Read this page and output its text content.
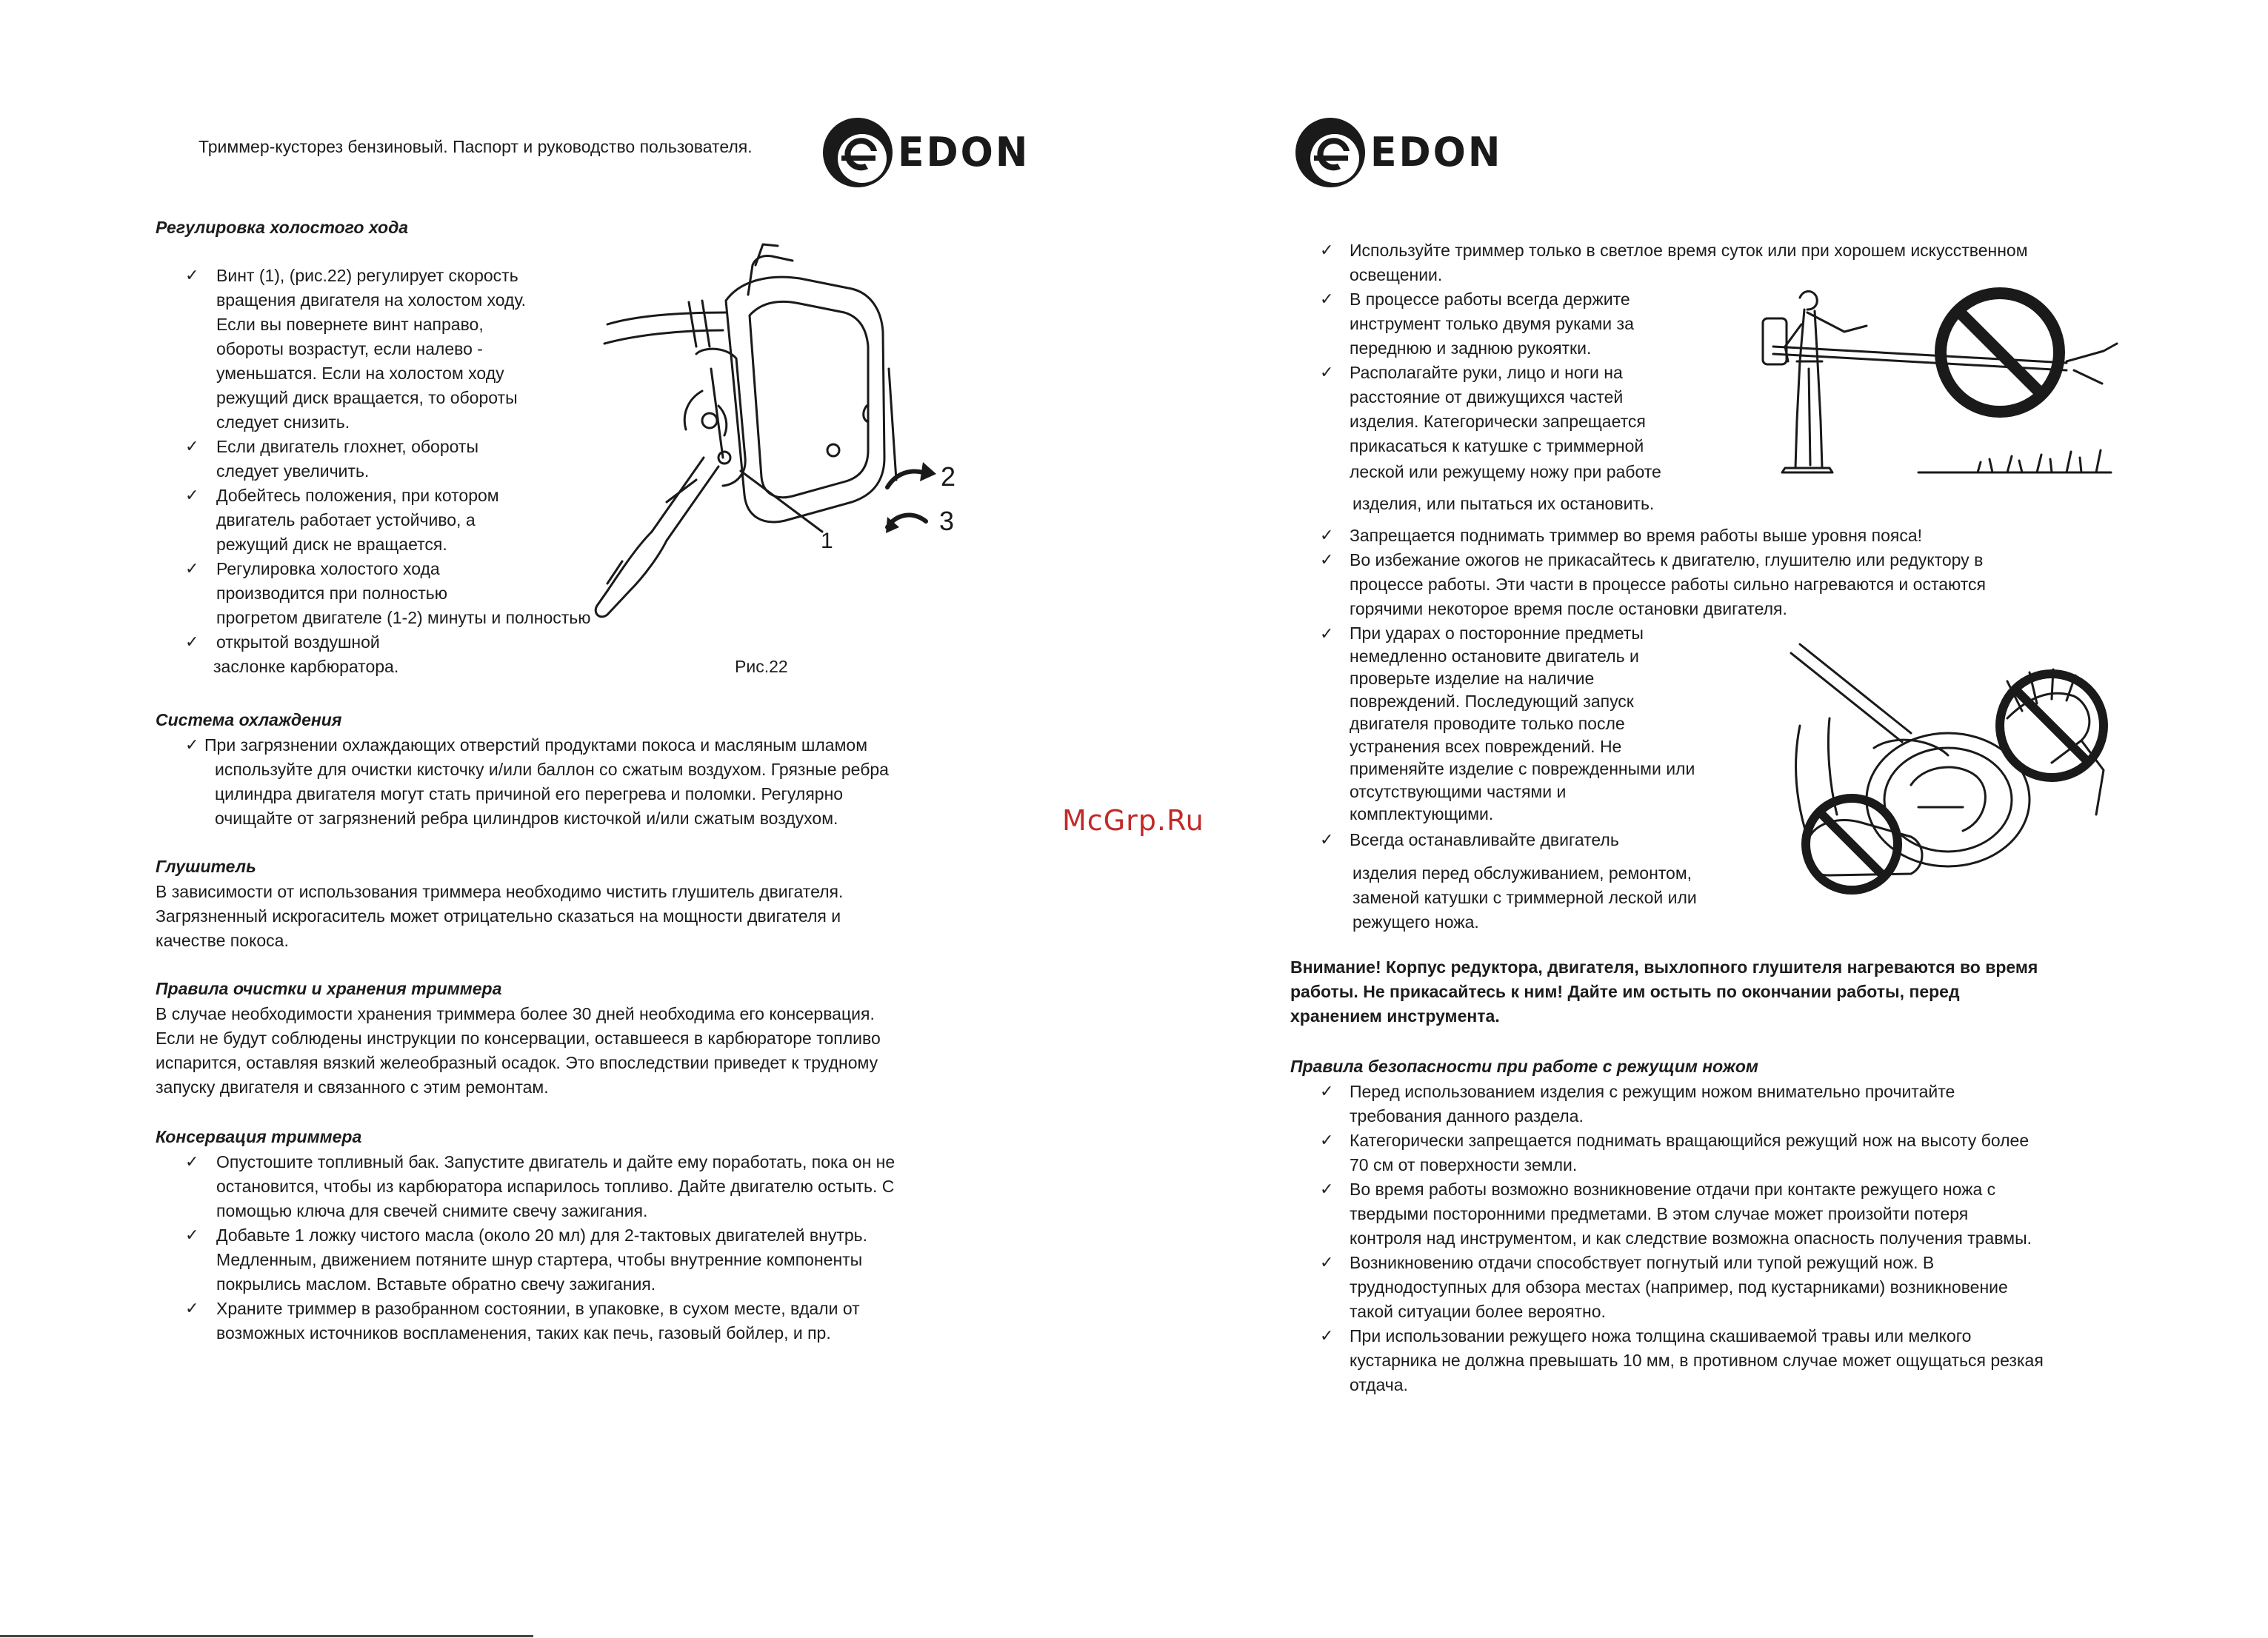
Триммер-кусторез бензиновый. Паспорт и руководство пользователя.	EDON
Регулировка холостого хода
✓ Винт (1), (рис.22) регулирует скорость
вращения двигателя на холостом ходу.
Если вы повернете винт направо,
обороты возрастут, если налево -
уменьшатся. Если на холостом ходу
режущий диск вращается, то обороты
следует снизить.
✓ Если двигатель глохнет, обороты
следует увеличить.
✓ Добейтесь положения, при котором
двигатель работает устойчиво, а
режущий диск не вращается.
✓ Регулировка холостого хода
производится при полностью
прогретом двигателе (1-2) минуты и полностью
✓ открытой воздушной
заслонке карбюратора.	Рис.22
1
2
3
Система охлаждения
✓ При загрязнении охлаждающих отверстий продуктами покоса и масляным шламом
используйте для очистки кисточку и/или баллон со сжатым воздухом. Грязные ребра
цилиндра двигателя могут стать причиной его перегрева и поломки. Регулярно
очищайте от загрязнений ребра цилиндров кисточкой и/или сжатым воздухом.
Глушитель
В зависимости от использования триммера необходимо чистить глушитель двигателя.
Загрязненный искрогаситель может отрицательно сказаться на мощности двигателя и
качестве покоса.
Правила очистки и хранения триммера
В случае необходимости хранения триммера более 30 дней необходима его консервация.
Если не будут соблюдены инструкции по консервации, оставшееся в карбюраторе топливо
испарится, оставляя вязкий желеобразный осадок. Это впоследствии приведет к трудному
запуску двигателя и связанного с этим ремонтам.
Консервация триммера
✓ Опустошите топливный бак. Запустите двигатель и дайте ему поработать, пока он не
остановится, чтобы из карбюратора испарилось топливо. Дайте двигателю остыть. С
помощью ключа для свечей снимите свечу зажигания.
✓ Добавьте 1 ложку чистого масла (около 20 мл) для 2-тактовых двигателей внутрь.
Медленным, движением потяните шнур стартера, чтобы внутренние компоненты
покрылись маслом. Вставьте обратно свечу зажигания.
✓ Храните триммер в разобранном состоянии, в упаковке, в сухом месте, вдали от
возможных источников воспламенения, таких как печь, газовый бойлер, и пр.
McGrp.Ru
EDON
✓ Используйте триммер только в светлое время суток или при хорошем искусственном
освещении.
✓ В процессе работы всегда держите
инструмент только двумя руками за
переднюю и заднюю рукоятки.
✓ Располагайте руки, лицо и ноги на
расстояние от движущихся частей
изделия. Категорически запрещается
прикасаться к катушке с триммерной
леской или режущему ножу при работе
изделия, или пытаться их остановить.
✓ Запрещается поднимать триммер во время работы выше уровня пояса!
✓ Во избежание ожогов не прикасайтесь к двигателю, глушителю или редуктору в
процессе работы. Эти части в процессе работы сильно нагреваются и остаются
горячими некоторое время после остановки двигателя.
✓ При ударах о посторонние предметы
немедленно остановите двигатель и
проверьте изделие на наличие
повреждений. Последующий запуск
двигателя проводите только после
устранения всех повреждений. Не
применяйте изделие с поврежденными или
отсутствующими частями и
комплектующими.
✓ Всегда останавливайте двигатель
изделия перед обслуживанием, ремонтом,
заменой катушки с триммерной леской или
режущего ножа.
Внимание! Корпус редуктора, двигателя, выхлопного глушителя нагреваются во время
работы. Не прикасайтесь к ним! Дайте им остыть по окончании работы, перед
хранением инструмента.
Правила безопасности при работе с режущим ножом
✓ Перед использованием изделия с режущим ножом внимательно прочитайте
требования данного раздела.
✓ Категорически запрещается поднимать вращающийся режущий нож на высоту более
70 см от поверхности земли.
✓ Во время работы возможно возникновение отдачи при контакте режущего ножа с
твердыми посторонними предметами. В этом случае может произойти потеря
контроля над инструментом, и как следствие возможна опасность получения травмы.
✓ Возникновению отдачи способствует погнутый или тупой режущий нож. В
труднодоступных для обзора местах (например, под кустарниками) возникновение
такой ситуации более вероятно.
✓ При использовании режущего ножа толщина скашиваемой травы или мелкого
кустарника не должна превышать 10 мм, в противном случае может ощущаться резкая
отдача.
